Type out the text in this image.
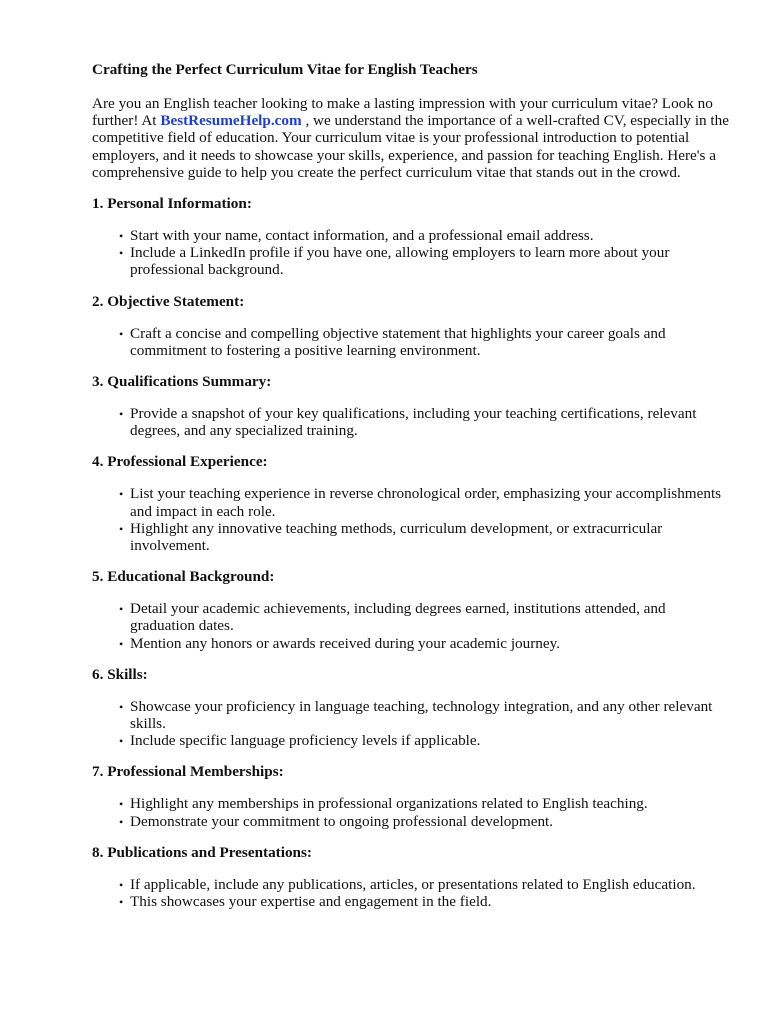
Crafting the Perfect Curriculum Vitae for English Teachers

Are you an English teacher looking to make a lasting impression with your curriculum vitae? Look no further! At BestResumeHelp.com , we understand the importance of a well-crafted CV, especially in the competitive field of education. Your curriculum vitae is your professional introduction to potential employers, and it needs to showcase your skills, experience, and passion for teaching English. Here's a comprehensive guide to help you create the perfect curriculum vitae that stands out in the crowd.

1. Personal Information:
• Start with your name, contact information, and a professional email address.
• Include a LinkedIn profile if you have one, allowing employers to learn more about your professional background.
2. Objective Statement:
• Craft a concise and compelling objective statement that highlights your career goals and commitment to fostering a positive learning environment.
3. Qualifications Summary:
• Provide a snapshot of your key qualifications, including your teaching certifications, relevant degrees, and any specialized training.
4. Professional Experience:
• List your teaching experience in reverse chronological order, emphasizing your accomplishments and impact in each role.
• Highlight any innovative teaching methods, curriculum development, or extracurricular involvement.
5. Educational Background:
• Detail your academic achievements, including degrees earned, institutions attended, and graduation dates.
• Mention any honors or awards received during your academic journey.
6. Skills:
• Showcase your proficiency in language teaching, technology integration, and any other relevant skills.
• Include specific language proficiency levels if applicable.
7. Professional Memberships:
• Highlight any memberships in professional organizations related to English teaching.
• Demonstrate your commitment to ongoing professional development.
8. Publications and Presentations:
• If applicable, include any publications, articles, or presentations related to English education.
• This showcases your expertise and engagement in the field.
